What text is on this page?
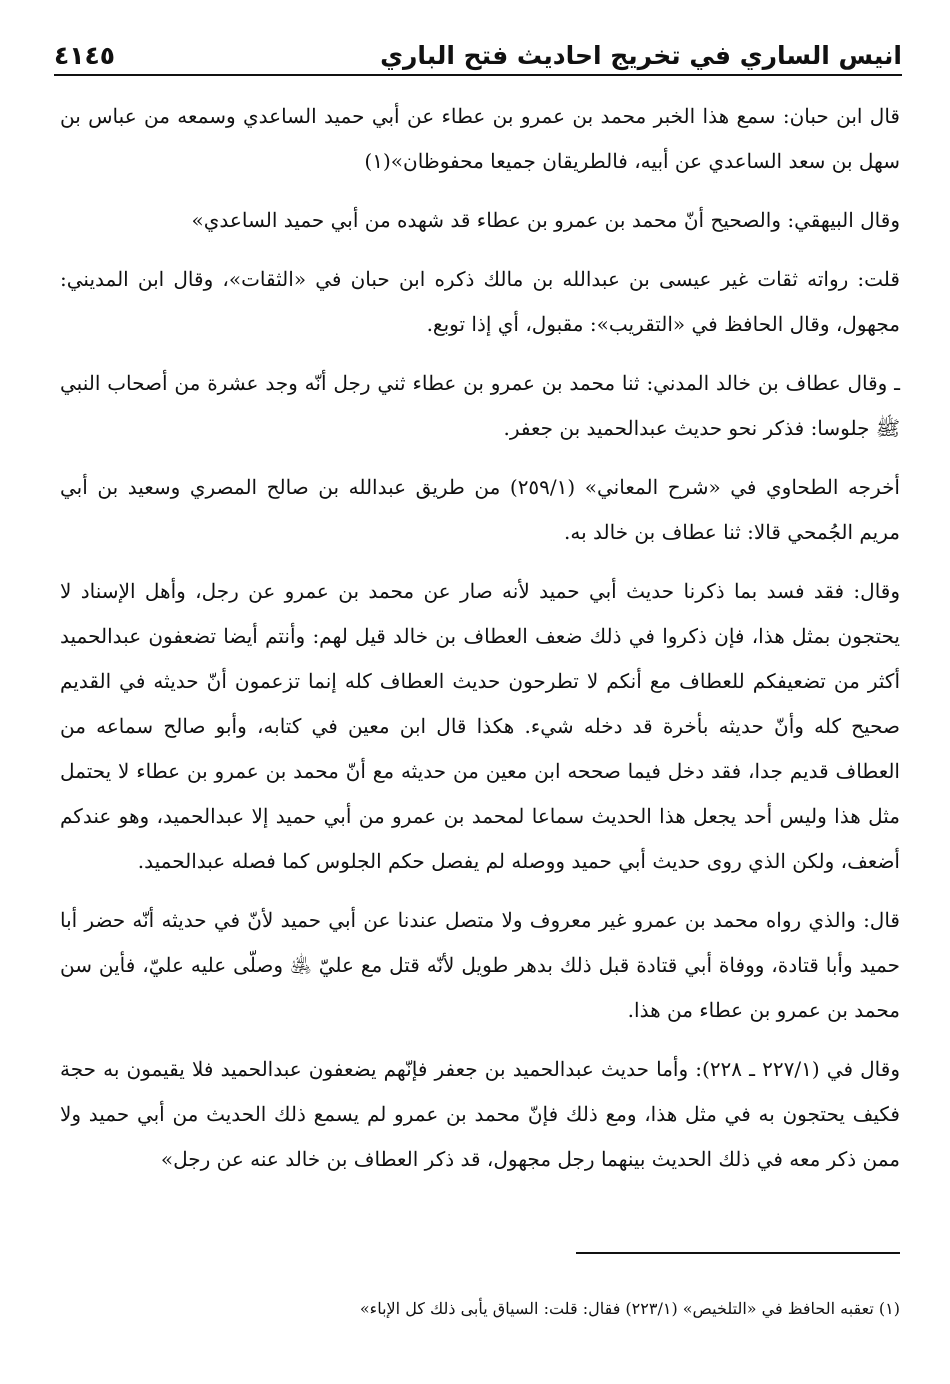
٤١٤٥	انيس الساري في تخريج احاديث فتح الباري

قال ابن حبان: سمع هذا الخبر محمد بن عمرو بن عطاء عن أبي حميد الساعدي وسمعه من عباس بن سهل بن سعد الساعدي عن أبيه، فالطريقان جميعا محفوظان»(١)

وقال البيهقي: والصحيح أنّ محمد بن عمرو بن عطاء قد شهده من أبي حميد الساعدي»

قلت: رواته ثقات غير عيسى بن عبدالله بن مالك ذكره ابن حبان في «الثقات»، وقال ابن المديني: مجهول، وقال الحافظ في «التقريب»: مقبول، أي إذا توبع.

ـ وقال عطاف بن خالد المدني: ثنا محمد بن عمرو بن عطاء ثني رجل أنّه وجد عشرة من أصحاب النبي ﷺ جلوسا: فذكر نحو حديث عبدالحميد بن جعفر.

أخرجه الطحاوي في «شرح المعاني» (٢٥٩/١) من طريق عبدالله بن صالح المصري وسعيد بن أبي مريم الجُمحي قالا: ثنا عطاف بن خالد به.

وقال: فقد فسد بما ذكرنا حديث أبي حميد لأنه صار عن محمد بن عمرو عن رجل، وأهل الإسناد لا يحتجون بمثل هذا، فإن ذكروا في ذلك ضعف العطاف بن خالد قيل لهم: وأنتم أيضا تضعفون عبدالحميد أكثر من تضعيفكم للعطاف مع أنكم لا تطرحون حديث العطاف كله إنما تزعمون أنّ حديثه في القديم صحيح كله وأنّ حديثه بأخرة قد دخله شيء. هكذا قال ابن معين في كتابه، وأبو صالح سماعه من العطاف قديم جدا، فقد دخل فيما صححه ابن معين من حديثه مع أنّ محمد بن عمرو بن عطاء لا يحتمل مثل هذا وليس أحد يجعل هذا الحديث سماعا لمحمد بن عمرو من أبي حميد إلا عبدالحميد، وهو عندكم أضعف، ولكن الذي روى حديث أبي حميد ووصله لم يفصل حكم الجلوس كما فصله عبدالحميد.

قال: والذي رواه محمد بن عمرو غير معروف ولا متصل عندنا عن أبي حميد لأنّ في حديثه أنّه حضر أبا حميد وأبا قتادة، ووفاة أبي قتادة قبل ذلك بدهر طويل لأنّه قتل مع عليّ ﵁ وصلّى عليه عليّ، فأين سن محمد بن عمرو بن عطاء من هذا.

وقال في (٢٢٧/١ ـ ٢٢٨): وأما حديث عبدالحميد بن جعفر فإنّهم يضعفون عبدالحميد فلا يقيمون به حجة فكيف يحتجون به في مثل هذا، ومع ذلك فإنّ محمد بن عمرو لم يسمع ذلك الحديث من أبي حميد ولا ممن ذكر معه في ذلك الحديث بينهما رجل مجهول، قد ذكر العطاف بن خالد عنه عن رجل»

(١) تعقبه الحافظ في «التلخيص» (٢٢٣/١) فقال: قلت: السياق يأبى ذلك كل الإباء»
